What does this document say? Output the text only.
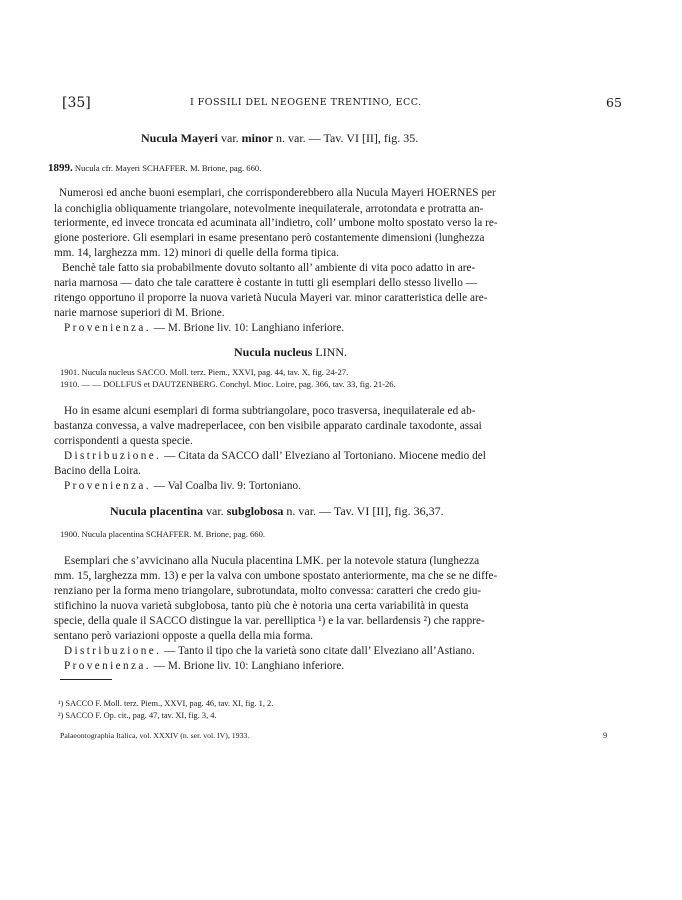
[35]	I FOSSILI DEL NEOGENE TRENTINO, ECC.	65
Nucula Mayeri var. minor n. var. — Tav. VI [II], fig. 35.
1899. Nucula cfr. Mayeri SCHAFFER. M. Brione, pag. 660.
Numerosi ed anche buoni esemplari, che corrisponderebbero alla Nucula Mayeri HOERNES per
la conchiglia obliquamente triangolare, notevolmente inequilaterale, arrotondata e protratta an-
teriormente, ed invece troncata ed acuminata all’indietro, coll’ umbone molto spostato verso la re-
gione posteriore. Gli esemplari in esame presentano però costantemente dimensioni (lunghezza
mm. 14, larghezza mm. 12) minori di quelle della forma tipica.
Benchè tale fatto sia probabilmente dovuto soltanto all’ ambiente di vita poco adatto in are-
naria marnosa — dato che tale carattere è costante in tutti gli esemplari dello stesso livello —
ritengo opportuno il proporre la nuova varietà Nucula Mayeri var. minor caratteristica delle are-
narie marnose superiori di M. Brione.
Provenienza. — M. Brione liv. 10: Langhiano inferiore.
Nucula nucleus LINN.
1901. Nucula nucleus SACCO. Moll. terz. Piem., XXVI, pag. 44, tav. X, fig. 24-27.
1910. — — DOLLFUS et DAUTZENBERG. Conchyl. Mioc. Loire, pag. 366, tav. 33, fig. 21-26.
Ho in esame alcuni esemplari di forma subtriangolare, poco trasversa, inequilaterale ed ab-
bastanza convessa, a valve madreperlacee, con ben visibile apparato cardinale taxodonte, assai
corrispondenti a questa specie.
Distribuzione. — Citata da SACCO dall’ Elveziano al Tortoniano. Miocene medio del
Bacino della Loira.
Provenienza. — Val Coalba liv. 9: Tortoniano.
Nucula placentina var. subglobosa n. var. — Tav. VI [II], fig. 36,37.
1900. Nucula placentina SCHAFFER. M. Brione, pag. 660.
Esemplari che s’avvicinano alla Nucula placentina LMK. per la notevole statura (lunghezza
mm. 15, larghezza mm. 13) e per la valva con umbone spostato anteriormente, ma che se ne diffe-
renziano per la forma meno triangolare, subrotundata, molto convessa: caratteri che credo giu-
stifichino la nuova varietà subglobosa, tanto più che è notoria una certa variabilità in questa
specie, della quale il SACCO distingue la var. perelliptica ¹) e la var. bellardensis ²) che rappre-
sentano però variazioni opposte a quella della mia forma.
Distribuzione. — Tanto il tipo che la varietà sono citate dall’ Elveziano all’Astiano.
Provenienza. — M. Brione liv. 10: Langhiano inferiore.
¹) SACCO F. Moll. terz. Piem., XXVI, pag. 46, tav. XI, fig. 1, 2.
²) SACCO F. Op. cit., pag. 47, tav. XI, fig. 3, 4.
Palaeontographia Italica, vol. XXXIV (n. ser. vol. IV), 1933.	9
